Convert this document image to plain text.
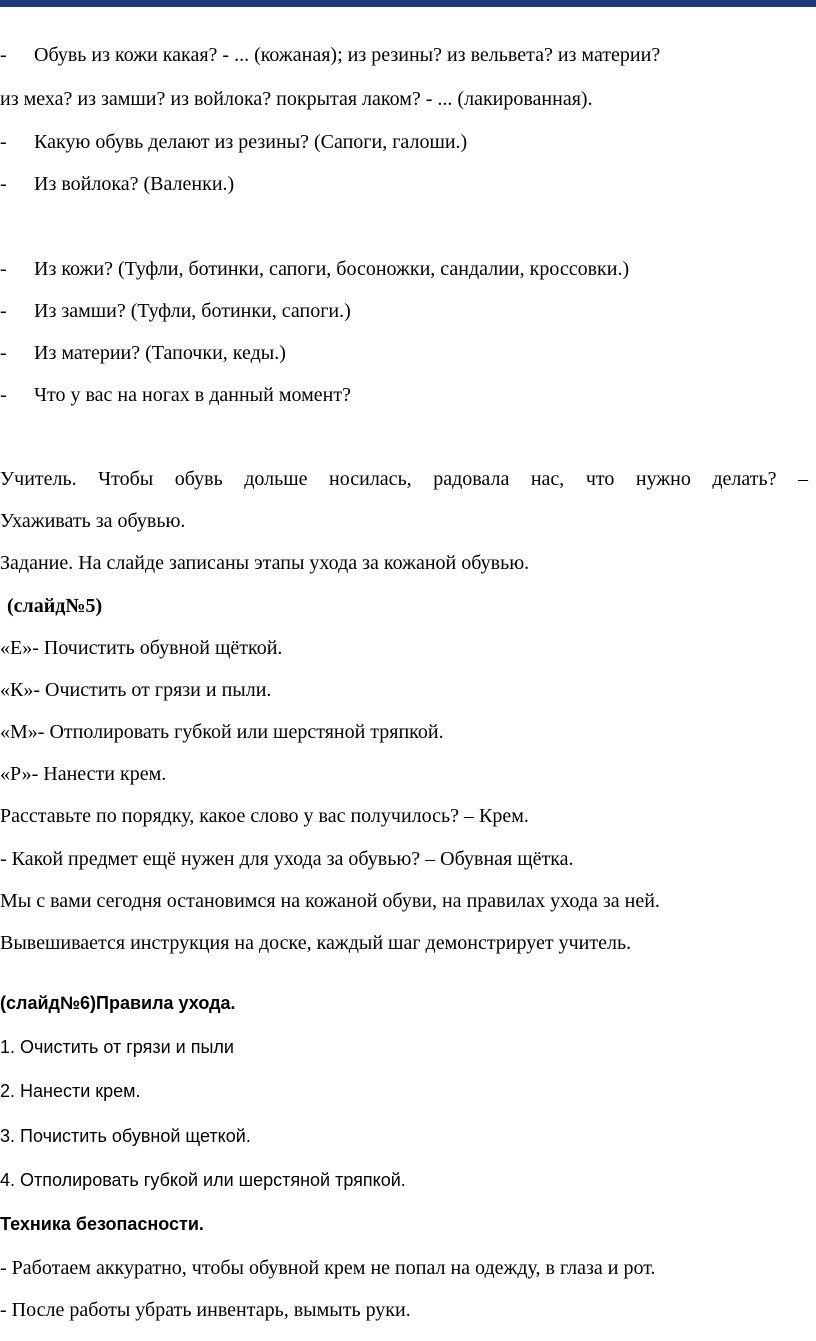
- Обувь из кожи какая? - ... (кожаная); из резины? из вельвета? из материи?
из меха? из замши? из войлока? покрытая лаком? - ... (лакированная).
- Какую обувь делают из резины? (Сапоги, галоши.)
- Из войлока? (Валенки.)
- Из кожи? (Туфли, ботинки, сапоги, босоножки, сандалии, кроссовки.)
- Из замши? (Туфли, ботинки, сапоги.)
- Из материи? (Тапочки, кеды.)
- Что у вас на ногах в данный момент?
Учитель. Чтобы обувь дольше носилась, радовала нас, что нужно делать? –
Ухаживать за обувью.
Задание. На слайде записаны этапы ухода за кожаной обувью.
(слайд№5)
«Е»- Почистить обувной щёткой.
«К»- Очистить от грязи и пыли.
«М»- Отполировать губкой или шерстяной тряпкой.
«Р»- Нанести крем.
Расставьте по порядку, какое слово у вас получилось? – Крем.
- Какой предмет ещё нужен для ухода за обувью? – Обувная щётка.
Мы с вами сегодня остановимся на кожаной обуви, на правилах ухода за ней.
Вывешивается инструкция на доске, каждый шаг демонстрирует учитель.
(слайд№6)Правила ухода.
1. Очистить от грязи и пыли
2. Нанести крем.
3. Почистить обувной щеткой.
4. Отполировать губкой или шерстяной тряпкой.
Техника безопасности.
- Работаем аккуратно, чтобы обувной крем не попал на одежду, в глаза и рот.
- После работы убрать инвентарь, вымыть руки.
